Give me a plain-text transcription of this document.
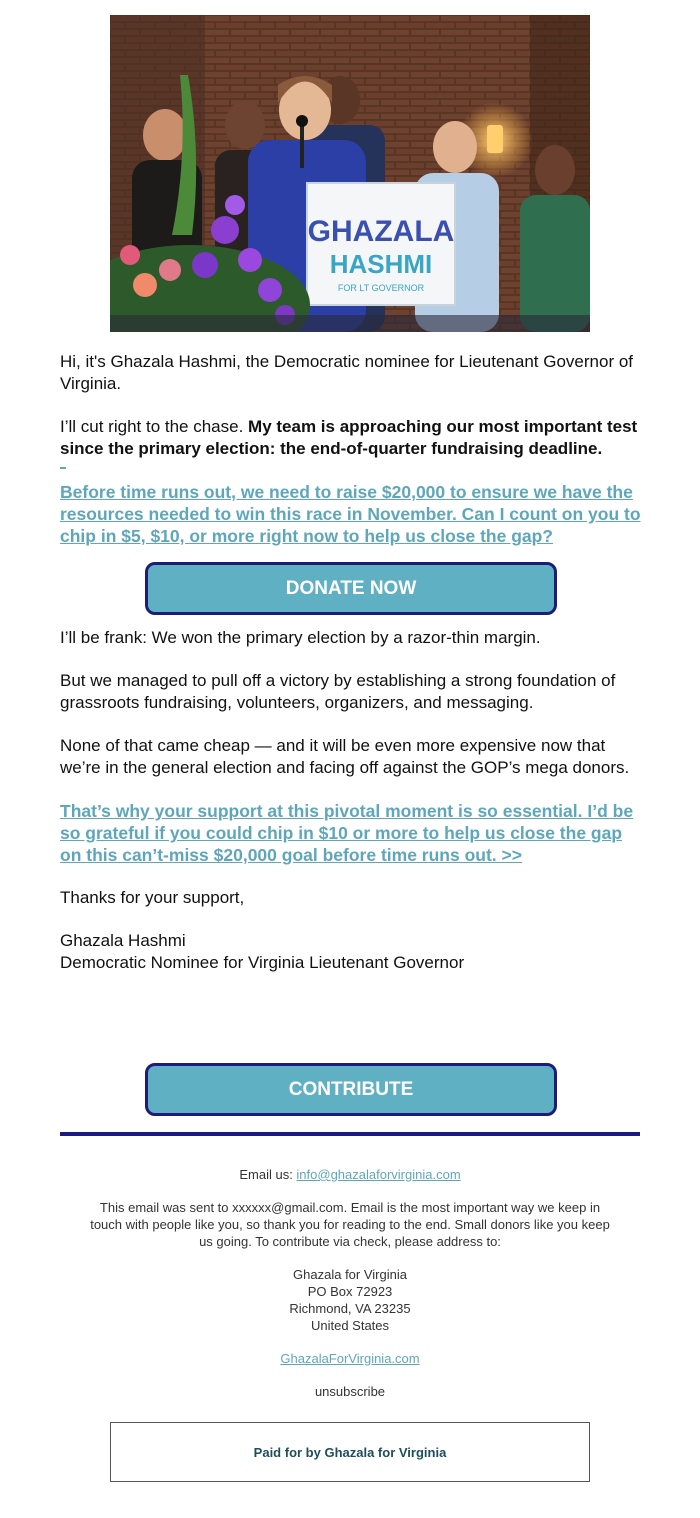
GHAZALA
HASHMI
FOR LT GOVERNOR

Hi, it's Ghazala Hashmi, the Democratic nominee for Lieutenant Governor of Virginia.

I’ll cut right to the chase. My team is approaching our most important test since the primary election: the end-of-quarter fundraising deadline.

Before time runs out, we need to raise $20,000 to ensure we have the resources needed to win this race in November. Can I count on you to chip in $5, $10, or more right now to help us close the gap?

I’ll be frank: We won the primary election by a razor-thin margin.

But we managed to pull off a victory by establishing a strong foundation of grassroots fundraising, volunteers, organizers, and messaging.

None of that came cheap — and it will be even more expensive now that we’re in the general election and facing off against the GOP’s mega donors.

That’s why your support at this pivotal moment is so essential. I’d be so grateful if you could chip in $10 or more to help us close the gap on this can’t-miss $20,000 goal before time runs out. >>

Thanks for your support,

Ghazala Hashmi
Democratic Nominee for Virginia Lieutenant Governor

DONATE NOW
CONTRIBUTE

Email us: info@ghazalaforvirginia.com

This email was sent to xxxxxx@gmail.com. Email is the most important way we keep in touch with people like you, so thank you for reading to the end. Small donors like you keep us going. To contribute via check, please address to:

Ghazala for Virginia
PO Box 72923
Richmond, VA 23235
United States

GhazalaForVirginia.com

unsubscribe

Paid for by Ghazala for Virginia
